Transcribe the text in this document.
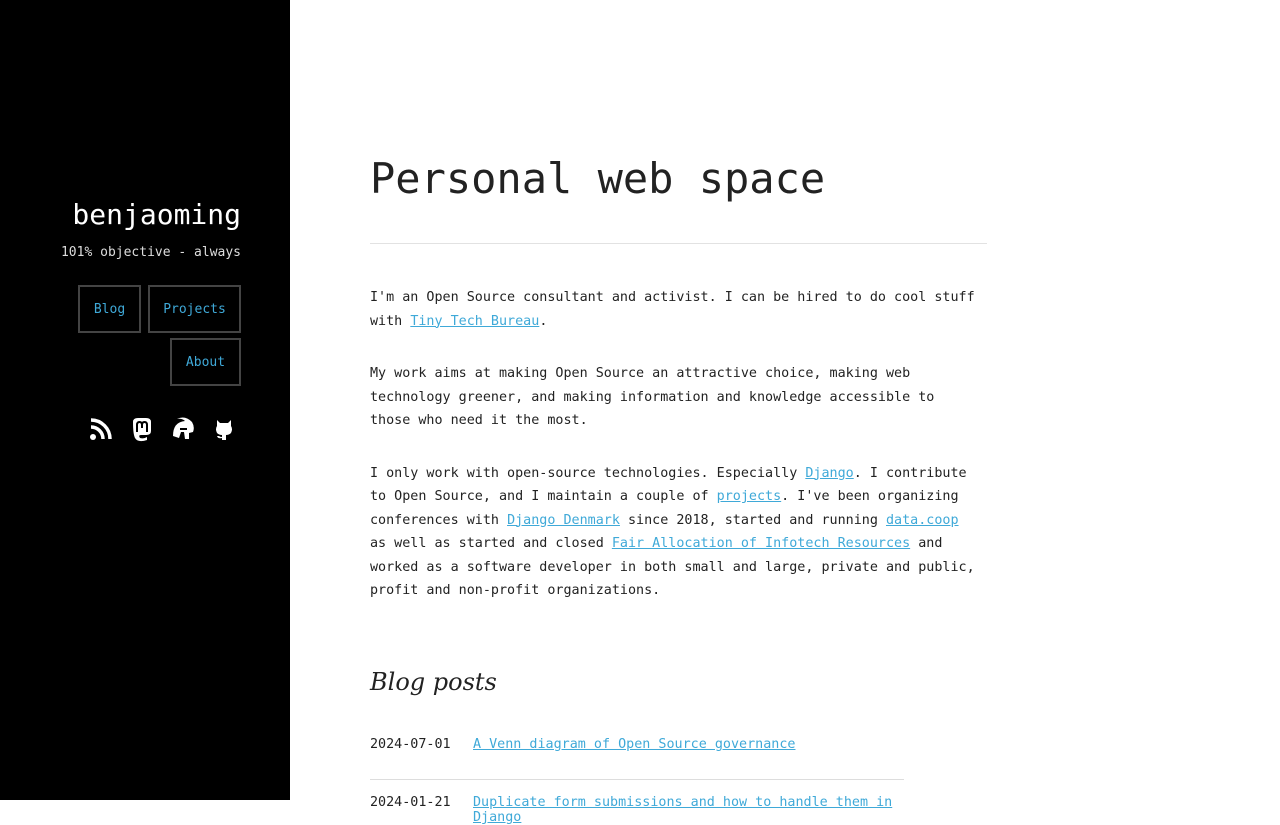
benjaoming
101% objective - always
Blog	Projects
About
Personal web space

I'm an Open Source consultant and activist. I can be hired to do cool stuff with Tiny Tech Bureau.

My work aims at making Open Source an attractive choice, making web technology greener, and making information and knowledge accessible to those who need it the most.

I only work with open-source technologies. Especially Django. I contribute to Open Source, and I maintain a couple of projects. I've been organizing conferences with Django Denmark since 2018, started and running data.coop as well as started and closed Fair Allocation of Infotech Resources and worked as a software developer in both small and large, private and public, profit and non-profit organizations.

Blog posts
2024-07-01	A Venn diagram of Open Source governance
2024-01-21	Duplicate form submissions and how to handle them in Django
